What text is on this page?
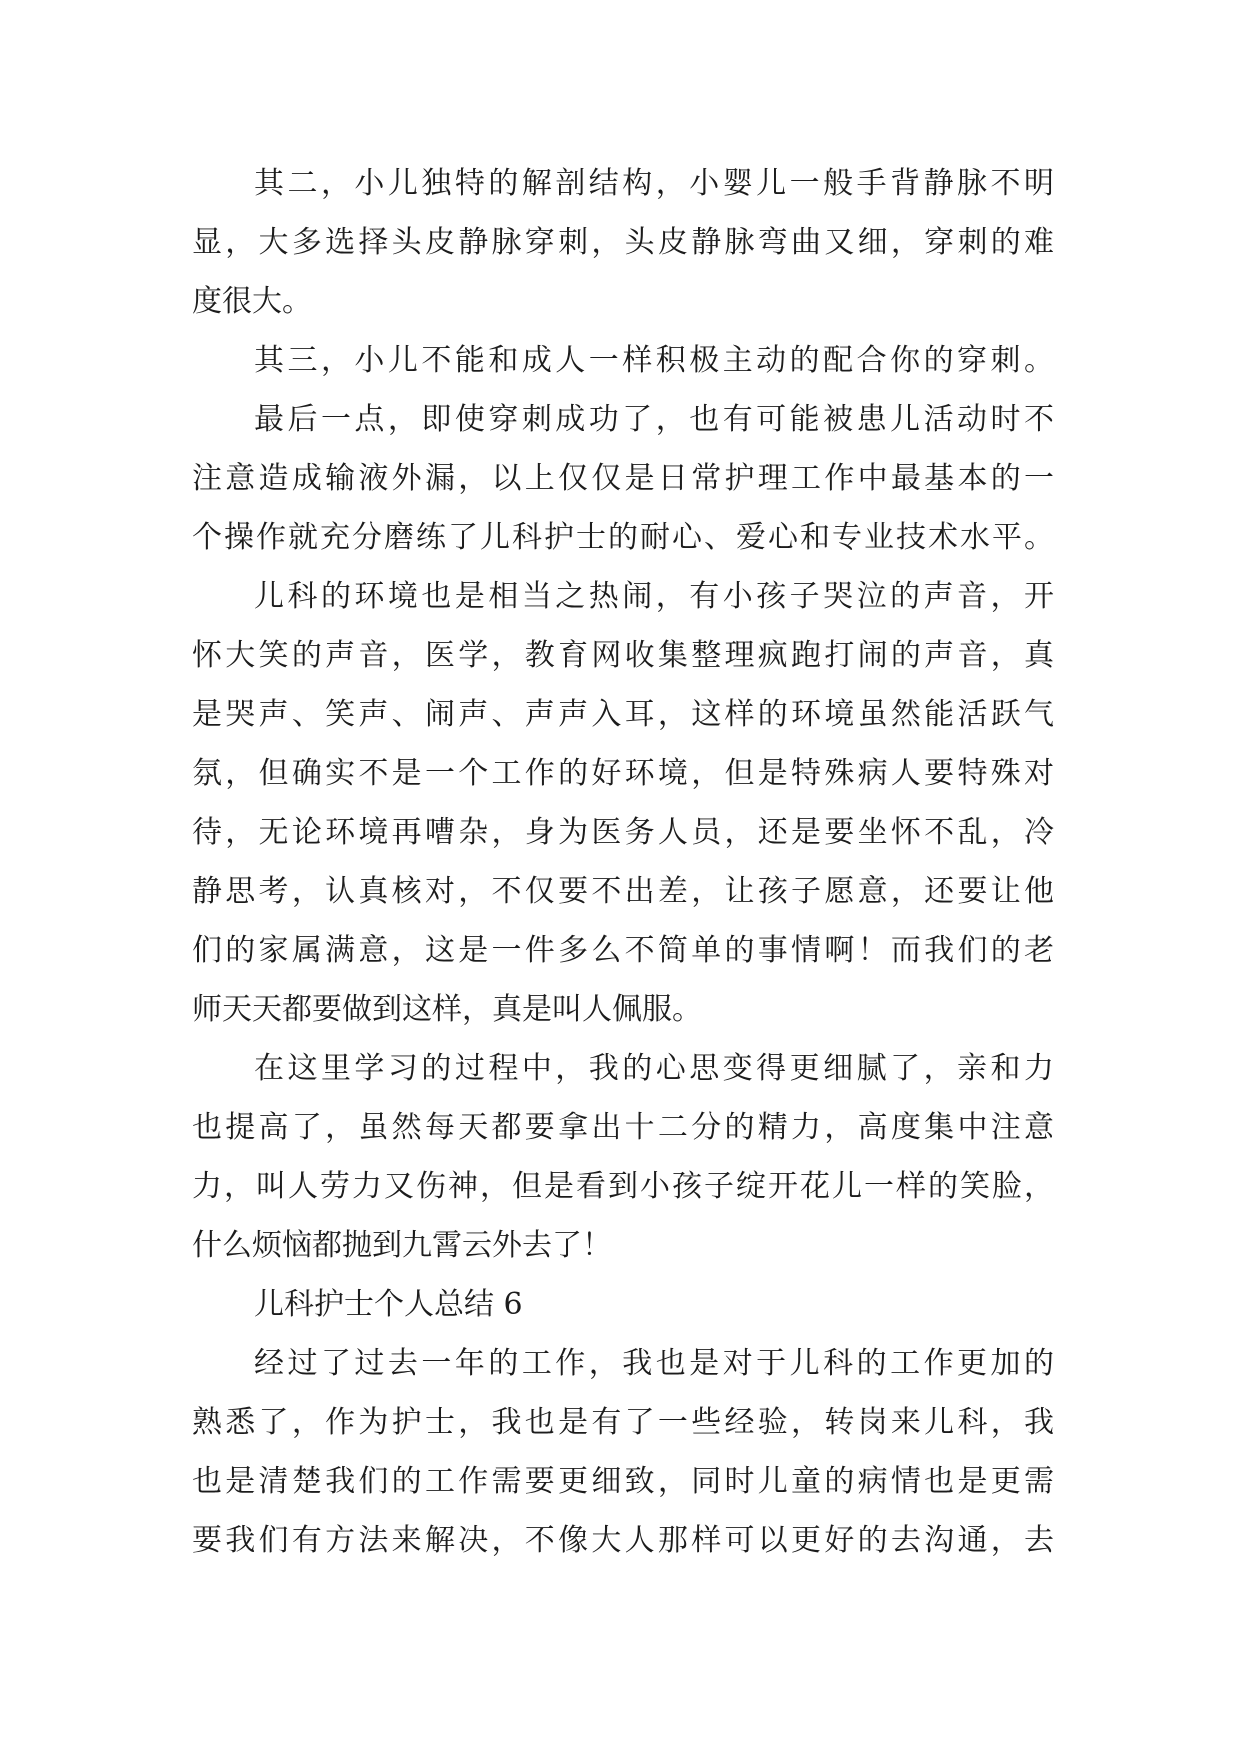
其二，小儿独特的解剖结构，小婴儿一般手背静脉不明
显，大多选择头皮静脉穿刺，头皮静脉弯曲又细，穿刺的难
度很大。
其三，小儿不能和成人一样积极主动的配合你的穿刺。
最后一点，即使穿刺成功了，也有可能被患儿活动时不
注意造成输液外漏，以上仅仅是日常护理工作中最基本的一
个操作就充分磨练了儿科护士的耐心、爱心和专业技术水平。
儿科的环境也是相当之热闹，有小孩子哭泣的声音，开
怀大笑的声音，医学，教育网收集整理疯跑打闹的声音，真
是哭声、笑声、闹声、声声入耳，这样的环境虽然能活跃气
氛，但确实不是一个工作的好环境，但是特殊病人要特殊对
待，无论环境再嘈杂，身为医务人员，还是要坐怀不乱，冷
静思考，认真核对，不仅要不出差，让孩子愿意，还要让他
们的家属满意，这是一件多么不简单的事情啊！而我们的老
师天天都要做到这样，真是叫人佩服。
在这里学习的过程中，我的心思变得更细腻了，亲和力
也提高了，虽然每天都要拿出十二分的精力，高度集中注意
力，叫人劳力又伤神，但是看到小孩子绽开花儿一样的笑脸，
什么烦恼都抛到九霄云外去了！
儿科护士个人总结 6
经过了过去一年的工作，我也是对于儿科的工作更加的
熟悉了，作为护士，我也是有了一些经验，转岗来儿科，我
也是清楚我们的工作需要更细致，同时儿童的病情也是更需
要我们有方法来解决，不像大人那样可以更好的去沟通，去
